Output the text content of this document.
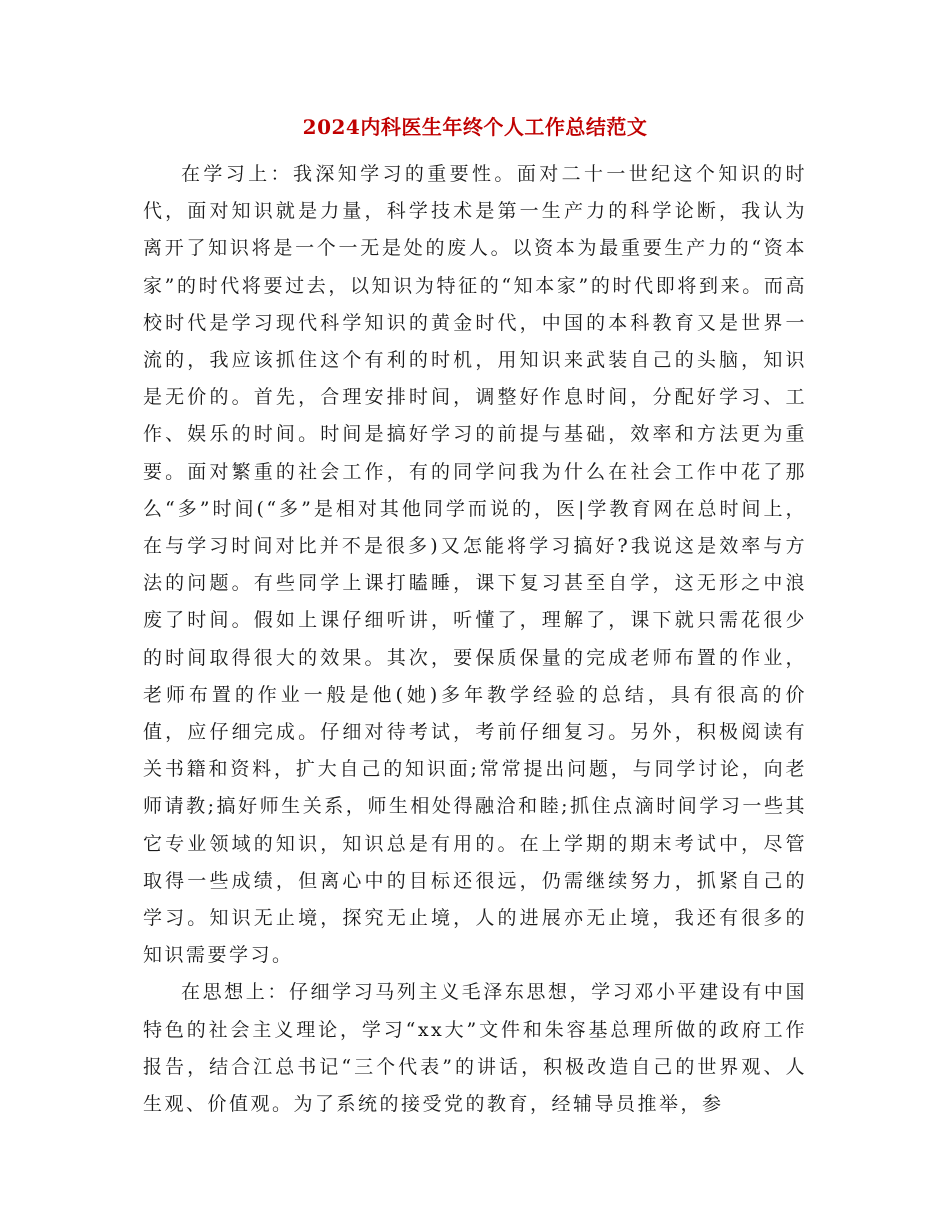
2024内科医生年终个人工作总结范文

在学习上：我深知学习的重要性。面对二十一世纪这个知识的时代，面对知识就是力量，科学技术是第一生产力的科学论断，我认为离开了知识将是一个一无是处的废人。以资本为最重要生产力的“资本家”的时代将要过去，以知识为特征的“知本家”的时代即将到来。而高校时代是学习现代科学知识的黄金时代，中国的本科教育又是世界一流的，我应该抓住这个有利的时机，用知识来武装自己的头脑，知识是无价的。首先，合理安排时间，调整好作息时间，分配好学习、工作、娱乐的时间。时间是搞好学习的前提与基础，效率和方法更为重要。面对繁重的社会工作，有的同学问我为什么在社会工作中花了那么“多”时间(“多”是相对其他同学而说的，医|学教育网在总时间上，在与学习时间对比并不是很多)又怎能将学习搞好?我说这是效率与方法的问题。有些同学上课打瞌睡，课下复习甚至自学，这无形之中浪废了时间。假如上课仔细听讲，听懂了，理解了，课下就只需花很少的时间取得很大的效果。其次，要保质保量的完成老师布置的作业，老师布置的作业一般是他(她)多年教学经验的总结，具有很高的价值，应仔细完成。仔细对待考试，考前仔细复习。另外，积极阅读有关书籍和资料，扩大自己的知识面;常常提出问题，与同学讨论，向老师请教;搞好师生关系，师生相处得融洽和睦;抓住点滴时间学习一些其它专业领域的知识，知识总是有用的。在上学期的期末考试中，尽管取得一些成绩，但离心中的目标还很远，仍需继续努力，抓紧自己的学习。知识无止境，探究无止境，人的进展亦无止境，我还有很多的知识需要学习。

在思想上：仔细学习马列主义毛泽东思想，学习邓小平建设有中国特色的社会主义理论，学习“xx大”文件和朱容基总理所做的政府工作报告，结合江总书记“三个代表”的讲话，积极改造自己的世界观、人生观、价值观。为了系统的接受党的教育，经辅导员推举，参
